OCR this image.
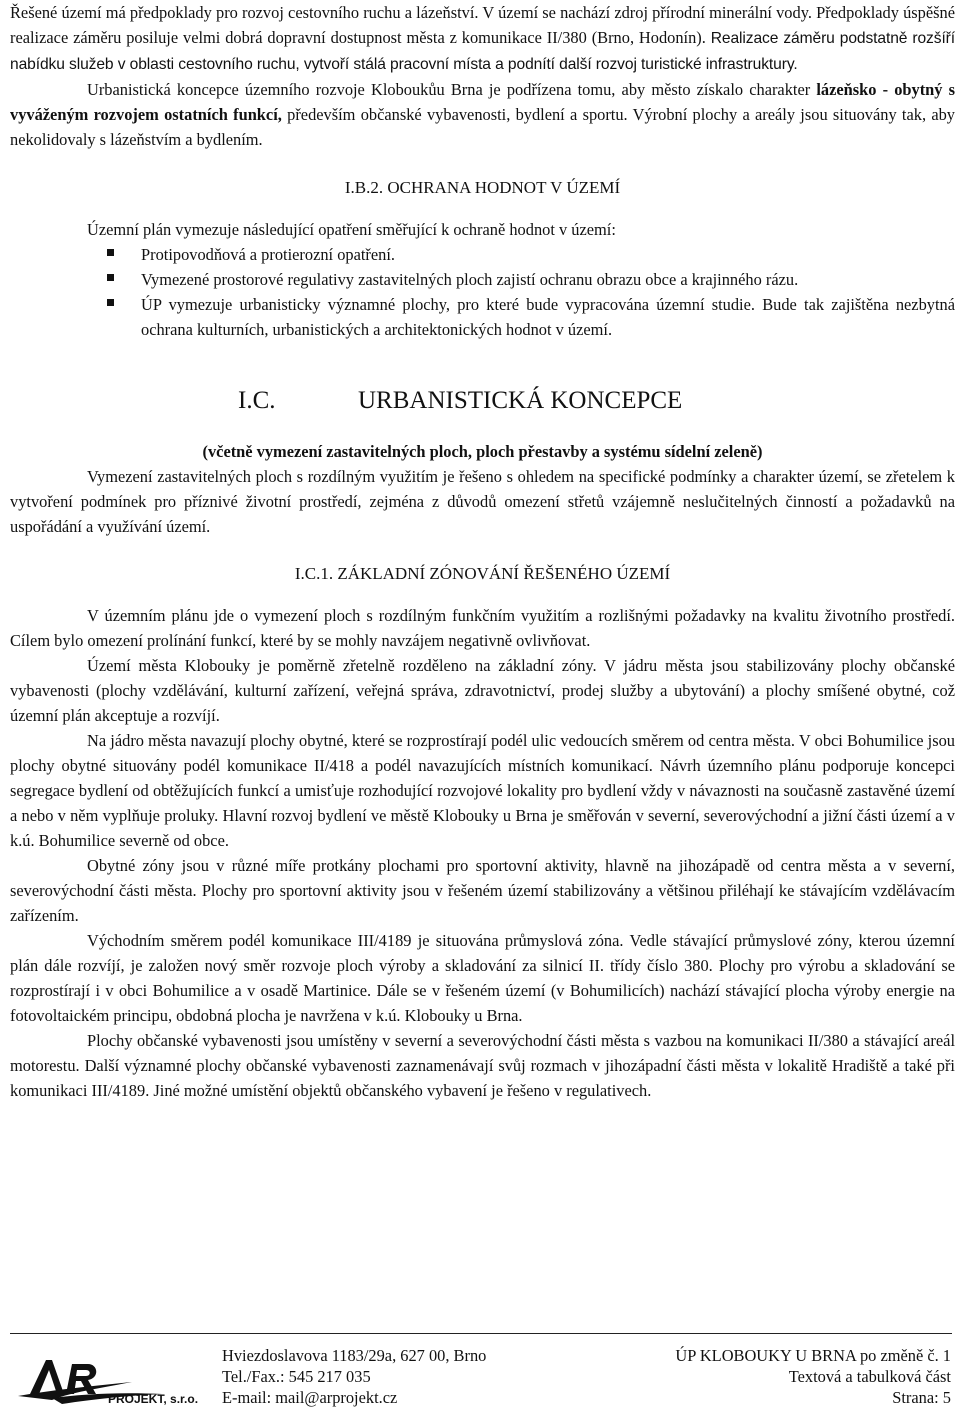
Řešené území má předpoklady pro rozvoj cestovního ruchu a lázeňství. V území se nachází zdroj přírodní minerální vody. Předpoklady úspěšné realizace záměru posiluje velmi dobrá dopravní dostupnost města z komunikace II/380 (Brno, Hodonín). Realizace záměru podstatně rozšíří nabídku služeb v oblasti cestovního ruchu, vytvoří stálá pracovní místa a podnítí další rozvoj turistické infrastruktury.

Urbanistická koncepce územního rozvoje Kloboukůu Brna je podřízena tomu, aby město získalo charakter lázeňsko - obytný s vyváženým rozvojem ostatních funkcí, především občanské vybavenosti, bydlení a sportu. Výrobní plochy a areály jsou situovány tak, aby nekolidovaly s lázeňstvím a bydlením.

I.B.2. OCHRANA HODNOT V ÚZEMÍ

Územní plán vymezuje následující opatření směřující k ochraně hodnot v území:

Protipovodňová a protierozní opatření.
Vymezené prostorové regulativy zastavitelných ploch zajistí ochranu obrazu obce a krajinného rázu.
ÚP vymezuje urbanisticky významné plochy, pro které bude vypracována územní studie. Bude tak zajištěna nezbytná ochrana kulturních, urbanistických a architektonických hodnot v území.
I.C.	URBANISTICKÁ KONCEPCE
(včetně vymezení zastavitelných ploch, ploch přestavby a systému sídelní zeleně)

Vymezení zastavitelných ploch s rozdílným využitím je řešeno s ohledem na specifické podmínky a charakter území, se zřetelem k vytvoření podmínek pro příznivé životní prostředí, zejména z důvodů omezení střetů vzájemně neslučitelných činností a požadavků na uspořádání a využívání území.

I.C.1. ZÁKLADNÍ ZÓNOVÁNÍ ŘEŠENÉHO ÚZEMÍ

V územním plánu jde o vymezení ploch s rozdílným funkčním využitím a rozlišnými požadavky na kvalitu životního prostředí. Cílem bylo omezení prolínání funkcí, které by se mohly navzájem negativně ovlivňovat.

Území města Klobouky je poměrně zřetelně rozděleno na základní zóny. V jádru města jsou stabilizovány plochy občanské vybavenosti (plochy vzdělávání, kulturní zařízení, veřejná správa, zdravotnictví, prodej služby a ubytování) a plochy smíšené obytné, což územní plán akceptuje a rozvíjí.

Na jádro města navazují plochy obytné, které se rozprostírají podél ulic vedoucích směrem od centra města. V obci Bohumilice jsou plochy obytné situovány podél komunikace II/418 a podél navazujících místních komunikací. Návrh územního plánu podporuje koncepci segregace bydlení od obtěžujících funkcí a umisťuje rozhodující rozvojové lokality pro bydlení vždy v návaznosti na současně zastavěné území a nebo v něm vyplňuje proluky. Hlavní rozvoj bydlení ve městě Klobouky u Brna je směřován v severní, severovýchodní a jižní části území a v k.ú. Bohumilice severně od obce.

Obytné zóny jsou v různé míře protkány plochami pro sportovní aktivity, hlavně na jihozápadě od centra města a v severní, severovýchodní části města. Plochy pro sportovní aktivity jsou v řešeném území stabilizovány a většinou přiléhají ke stávajícím vzdělávacím zařízením.

Východním směrem podél komunikace III/4189 je situována průmyslová zóna. Vedle stávající průmyslové zóny, kterou územní plán dále rozvíjí, je založen nový směr rozvoje ploch výroby a skladování za silnicí II. třídy číslo 380. Plochy pro výrobu a skladování se rozprostírají i v obci Bohumilice a v osadě Martinice. Dále se v řešeném území (v Bohumilicích) nachází stávající plocha výroby energie na fotovoltaickém principu, obdobná plocha je navržena v k.ú. Klobouky u Brna.

Plochy občanské vybavenosti jsou umístěny v severní a severovýchodní části města s vazbou na komunikaci II/380 a stávající areál motorestu. Další významné plochy občanské vybavenosti zaznamenávají svůj rozmach v jihozápadní části města v lokalitě Hradiště a také při komunikaci III/4189. Jiné možné umístění objektů občanského vybavení je řešeno v regulativech.

PROJEKT, s.r.o.
Hviezdoslavova 1183/29a, 627 00, Brno
Tel./Fax.: 545 217 035
E-mail: mail@arprojekt.cz
ÚP KLOBOUKY U BRNA po změně č. 1
Textová a tabulková část
Strana: 5
